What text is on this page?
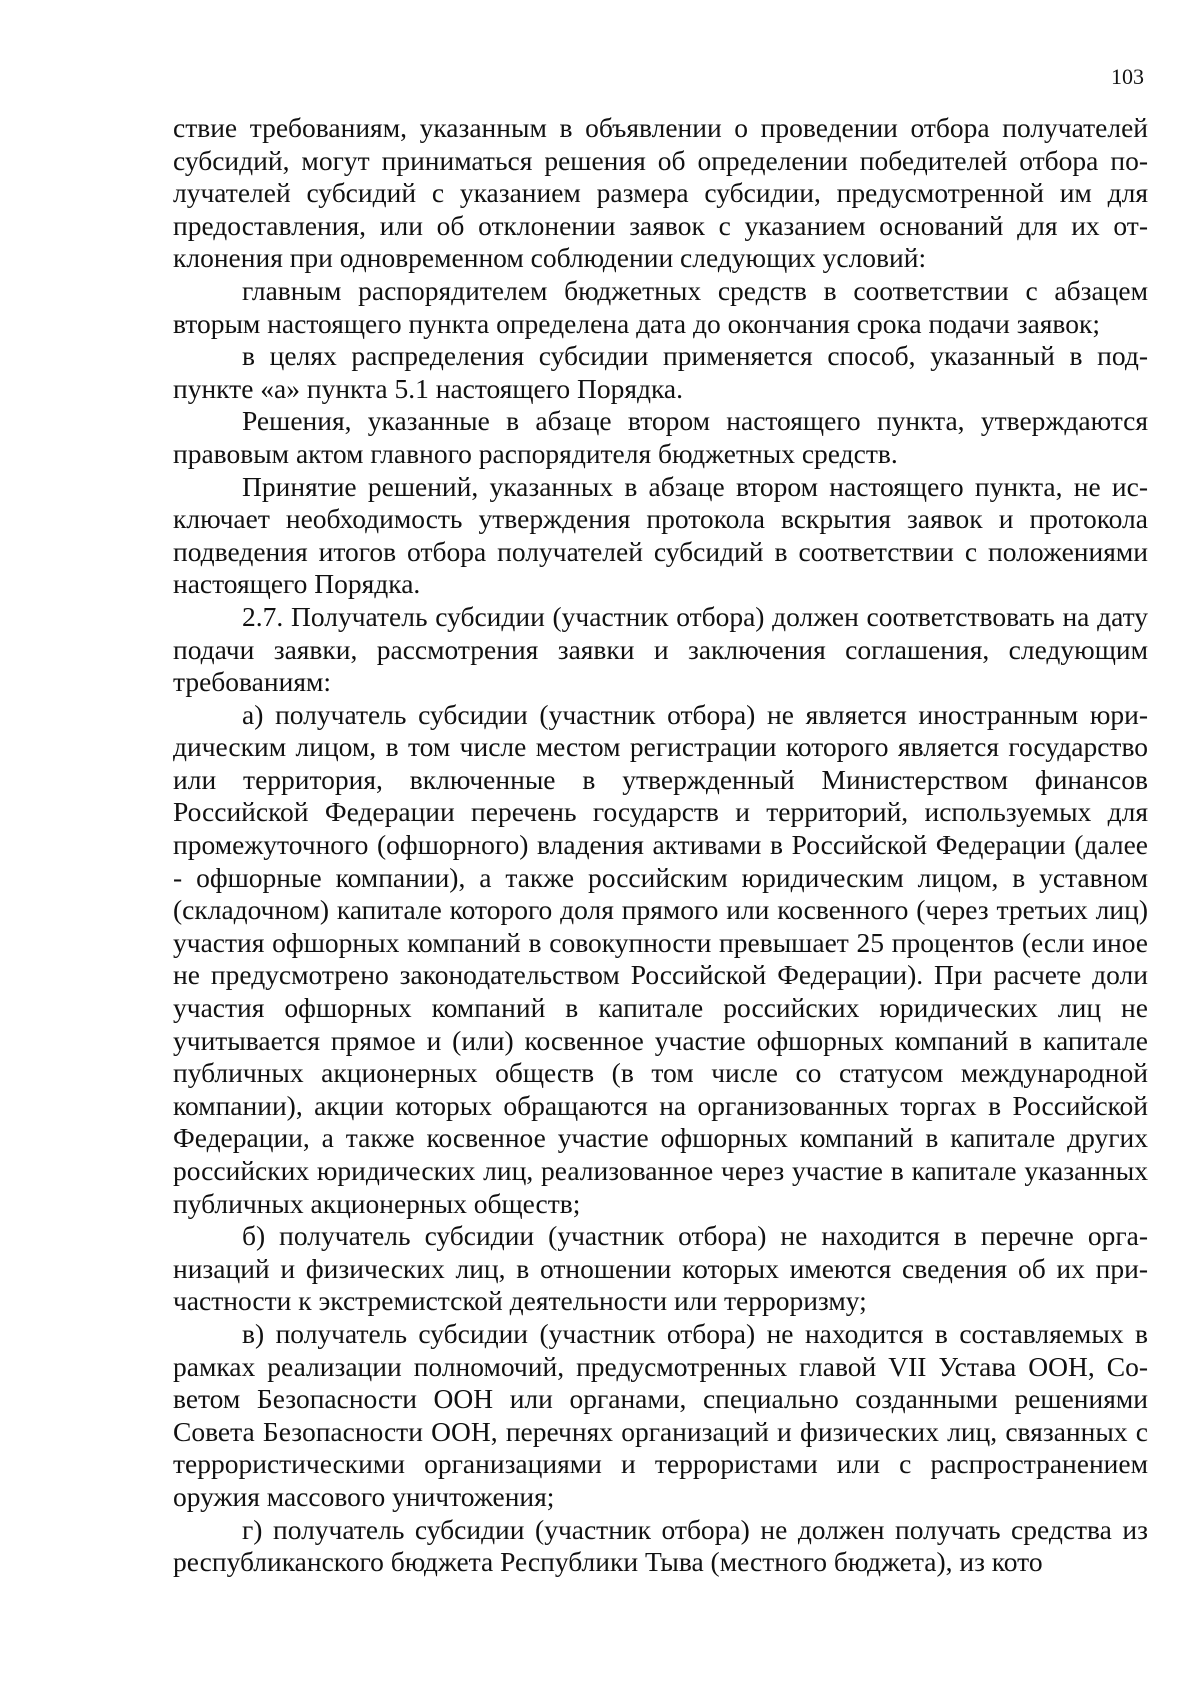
103

ствие требованиям, указанным в объявлении о проведении отбора получателей субсидий, могут приниматься решения об определении победителей отбора получателей субсидий с указанием размера субсидии, предусмотренной им для предоставления, или об отклонении заявок с указанием оснований для их отклонения при одновременном соблюдении следующих условий:

главным распорядителем бюджетных средств в соответствии с абзацем вторым настоящего пункта определена дата до окончания срока подачи заявок;

в целях распределения субсидии применяется способ, указанный в подпункте «а» пункта 5.1 настоящего Порядка.

Решения, указанные в абзаце втором настоящего пункта, утверждаются правовым актом главного распорядителя бюджетных средств.

Принятие решений, указанных в абзаце втором настоящего пункта, не исключает необходимость утверждения протокола вскрытия заявок и протокола подведения итогов отбора получателей субсидий в соответствии с положениями настоящего Порядка.

2.7. Получатель субсидии (участник отбора) должен соответствовать на дату подачи заявки, рассмотрения заявки и заключения соглашения, следующим требованиям:

а) получатель субсидии (участник отбора) не является иностранным юридическим лицом, в том числе местом регистрации которого является государство или территория, включенные в утвержденный Министерством финансов Российской Федерации перечень государств и территорий, используемых для промежуточного (офшорного) владения активами в Российской Федерации (далее - офшорные компании), а также российским юридическим лицом, в уставном (складочном) капитале которого доля прямого или косвенного (через третьих лиц) участия офшорных компаний в совокупности превышает 25 процентов (если иное не предусмотрено законодательством Российской Федерации). При расчете доли участия офшорных компаний в капитале российских юридических лиц не учитывается прямое и (или) косвенное участие офшорных компаний в капитале публичных акционерных обществ (в том числе со статусом международной компании), акции которых обращаются на организованных торгах в Российской Федерации, а также косвенное участие офшорных компаний в капитале других российских юридических лиц, реализованное через участие в капитале указанных публичных акционерных обществ;

б) получатель субсидии (участник отбора) не находится в перечне организаций и физических лиц, в отношении которых имеются сведения об их причастности к экстремистской деятельности или терроризму;

в) получатель субсидии (участник отбора) не находится в составляемых в рамках реализации полномочий, предусмотренных главой VII Устава ООН, Советом Безопасности ООН или органами, специально созданными решениями Совета Безопасности ООН, перечнях организаций и физических лиц, связанных с террористическими организациями и террористами или с распространением оружия массового уничтожения;

г) получатель субсидии (участник отбора) не должен получать средства из республиканского бюджета Республики Тыва (местного бюджета), из кото
